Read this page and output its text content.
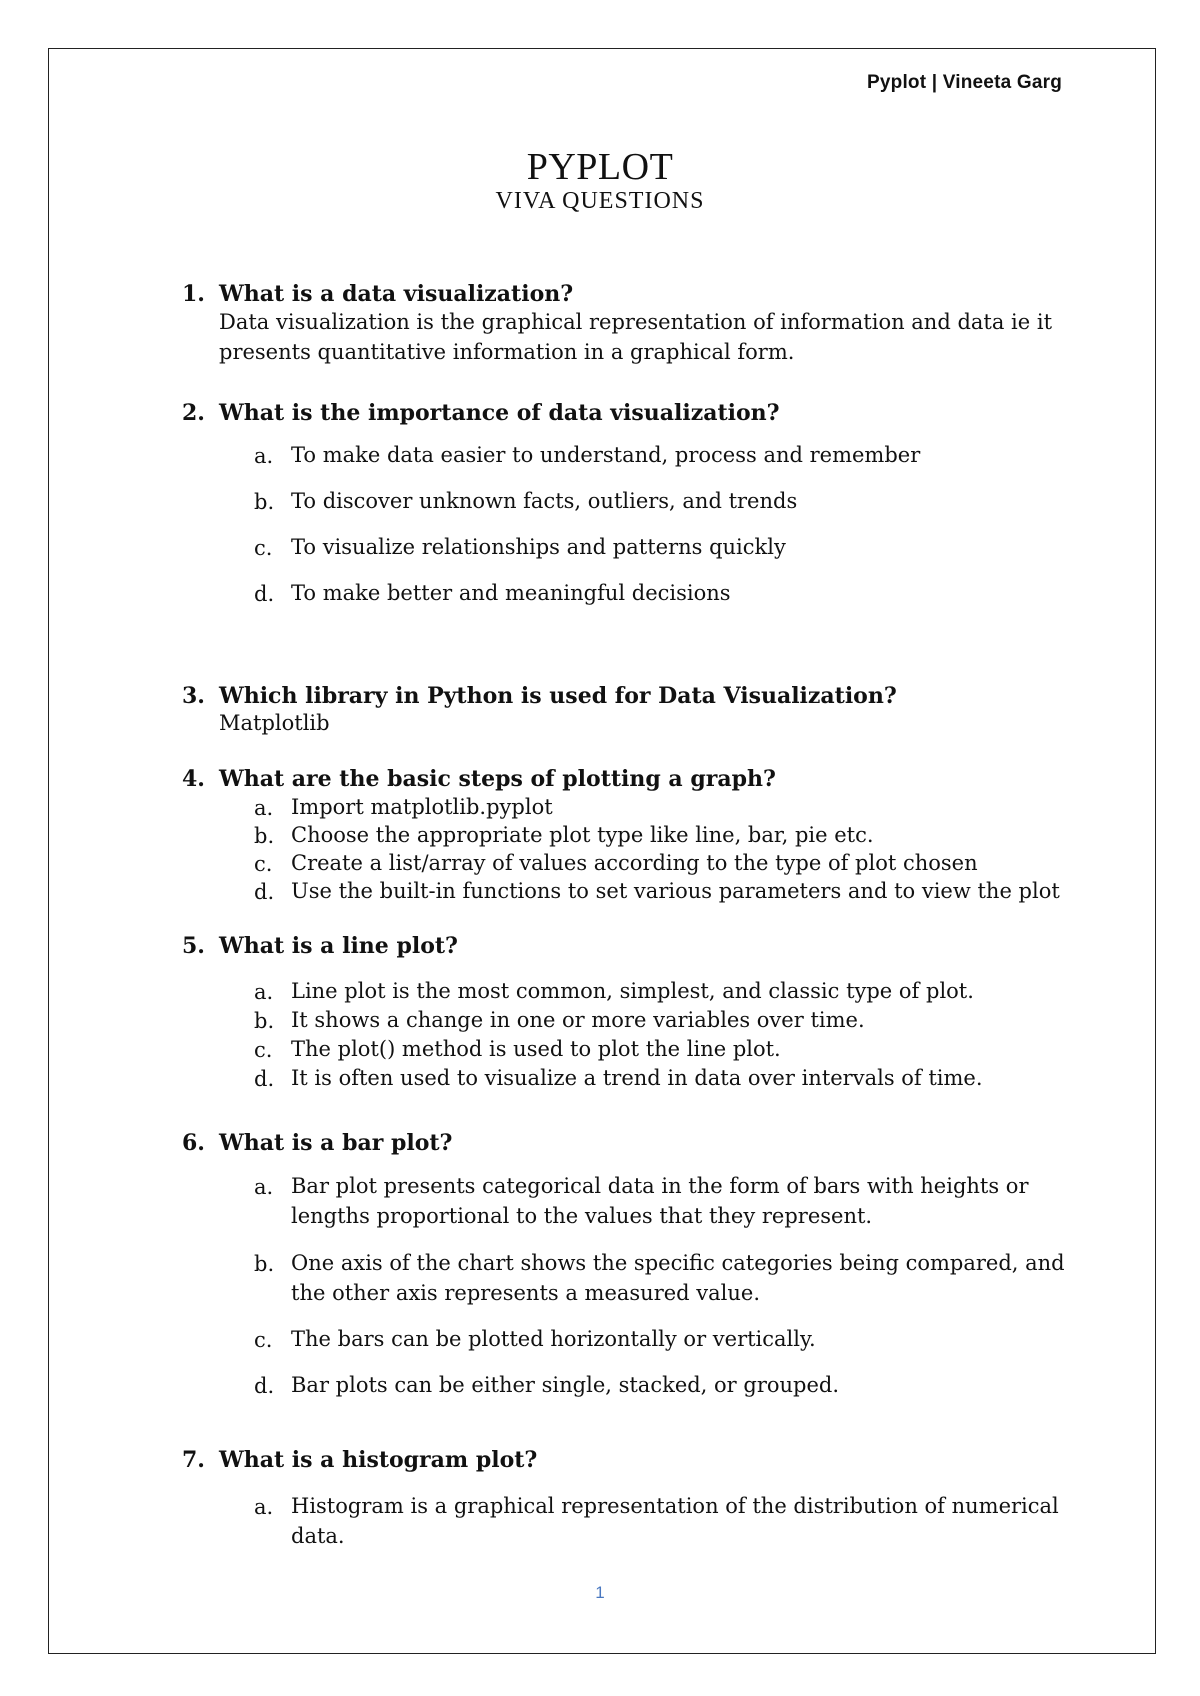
Pyplot | Vineeta Garg
PYPLOT
VIVA QUESTIONS
1. What is a data visualization?
Data visualization is the graphical representation of information and data ie it
presents quantitative information in a graphical form.
2. What is the importance of data visualization?
a. To make data easier to understand, process and remember
b. To discover unknown facts, outliers, and trends
c. To visualize relationships and patterns quickly
d. To make better and meaningful decisions
3. Which library in Python is used for Data Visualization?
Matplotlib
4. What are the basic steps of plotting a graph?
a. Import matplotlib.pyplot
b. Choose the appropriate plot type like line, bar, pie etc.
c. Create a list/array of values according to the type of plot chosen
d. Use the built-in functions to set various parameters and to view the plot
5. What is a line plot?
a. Line plot is the most common, simplest, and classic type of plot.
b. It shows a change in one or more variables over time.
c. The plot() method is used to plot the line plot.
d. It is often used to visualize a trend in data over intervals of time.
6. What is a bar plot?
a. Bar plot presents categorical data in the form of bars with heights or
lengths proportional to the values that they represent.
b. One axis of the chart shows the specific categories being compared, and
the other axis represents a measured value.
c. The bars can be plotted horizontally or vertically.
d. Bar plots can be either single, stacked, or grouped.
7. What is a histogram plot?
a. Histogram is a graphical representation of the distribution of numerical
data.
1
